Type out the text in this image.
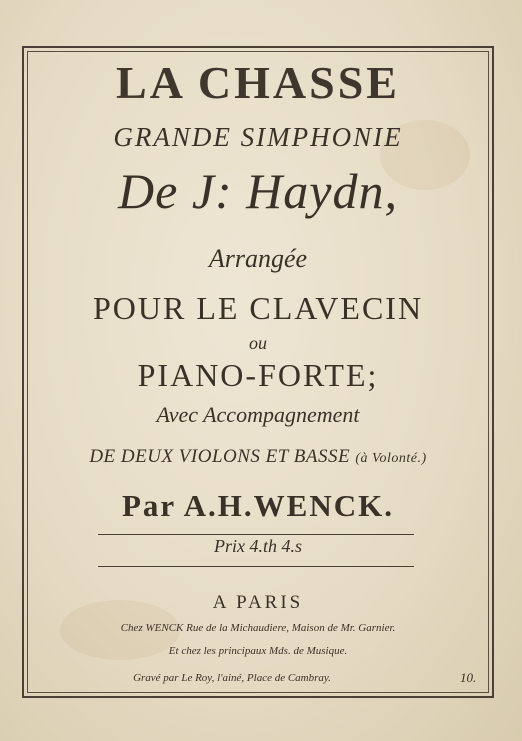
LA CHASSE
GRANDE SIMPHONIE
De J: Haydn,
Arrangée
POUR LE CLAVECIN
ou
PIANO-FORTE;
Avec Accompagnement
DE DEUX VIOLONS ET BASSE (à Volonté.)
Par A.H.WENCK.
Prix 4.th 4.s
A PARIS
Chez WENCK Rue de la Michaudiere, Maison de Mr. Garnier.
Et chez les principaux Mds. de Musique.
Gravé par Le Roy, l'ainé, Place de Cambray.	10.
